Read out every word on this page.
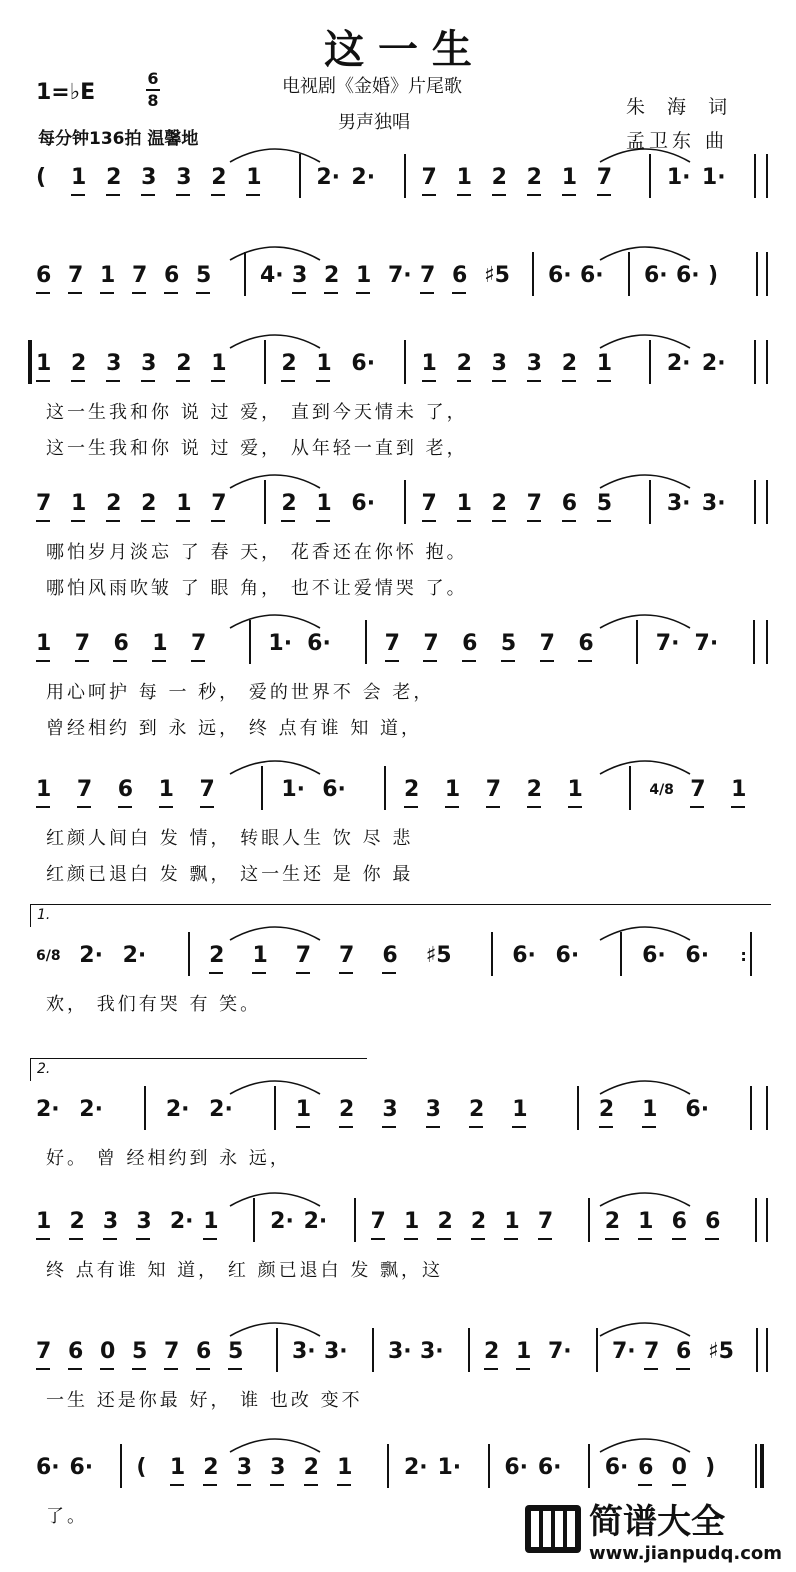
这 一 生
1=♭E
6
8
每分钟136拍 温馨地
电视剧《金婚》片尾歌
男声独唱
朱 海 词
孟卫东 曲
( 1 2 3 3 2 1 2· 2· 7 1 2 2 1 7 1· 1·
6 7 1 7 6 5 4· 3 2 1 7· 7 6 ♯5 6· 6· 6· 6· )
1 2 3 3 2 1 2 1 6· 1 2 3 3 2 1 2· 2·
这一生我和你 说 过 爱， 直到今天情未 了，
这一生我和你 说 过 爱， 从年轻一直到 老，
7 1 2 2 1 7 2 1 6· 7 1 2 7 6 5 3· 3·
哪怕岁月淡忘 了 春 天， 花香还在你怀 抱。
哪怕风雨吹皱 了 眼 角， 也不让爱情哭 了。
1 7 6 1 7	1· 6· 7 7 6 5 7 6	7· 7·
用心呵护 每 一 秒， 爱的世界不 会 老，
曾经相约 到 永 远， 终 点有谁 知 道，
1 7 6 1 7	1· 6·	2 1 7 2 1	4/8 7 1
红颜人间白 发 情， 转眼人生 饮 尽 悲
红颜已退白 发 飘， 这一生还 是 你 最
6/8 2· 2·	2 1 7 7 6 ♯5	6· 6·	6· 6· :
1.
欢， 我们有哭 有 笑。
2· 2·	2· 2·	1 2 3 3 2 1	2 1 6·
2.
好。 曾 经相约到 永 远，
1 2 3 3 2· 1 2· 2· 7 1 2 2 1 7 2 1 6 6
终 点有谁 知 道， 红 颜已退白 发 飘，这
7 6 0 5 7 6 5 3· 3· 3· 3· 2 1 7· 7· 7 6 ♯5
一生 还是你最 好， 谁 也改 变不
6· 6· ( 1 2 3 3 2 1 2· 1· 6· 6· 6· 6 0 )
了。	简谱大全
www.jianpudq.com
